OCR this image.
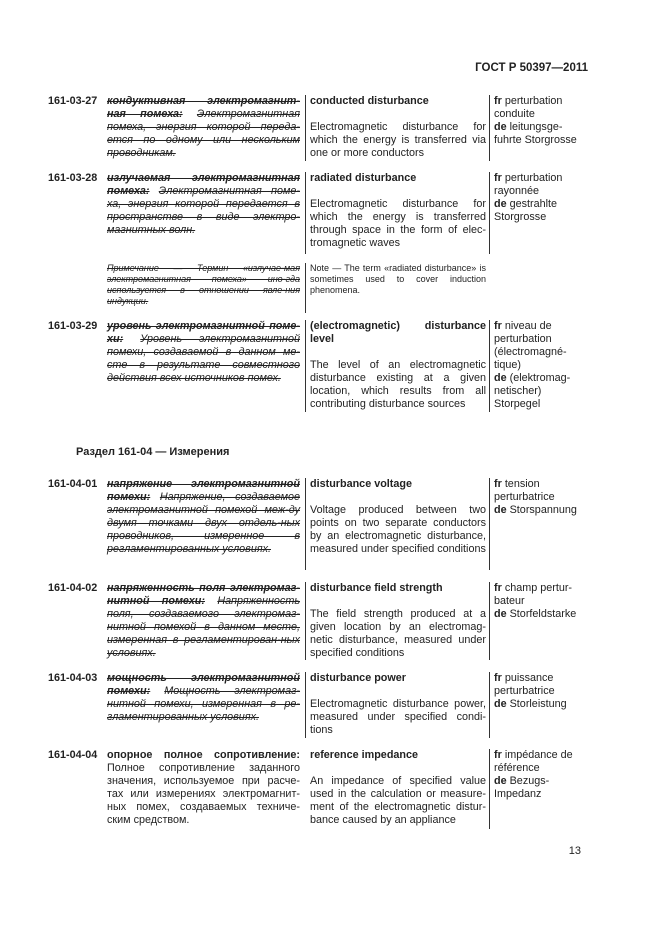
ГОСТ Р 50397—2011
161-03-27 кондуктивная электромагнит-ная помеха: Электромагнитная помеха, энергия которой переда-ется по одному или нескольким проводникам.
conducted disturbance

Electromagnetic disturbance for which the energy is transferred via one or more conductors
fr perturbation conduite
de leitungsge-fuhrte Storgrosse
161-03-28 излучаемая электромагнитная помеха: Электромагнитная поме-ха, энергия которой передается в пространстве в виде электро-магнитных волн.
radiated disturbance

Electromagnetic disturbance for which the energy is transferred through space in the form of elec-tromagnetic waves
fr perturbation rayonnée
de gestrahlte Storgrosse
Примечание — Термин «излучае-мая электромагнитная помеха» ино-гда используется в отношении явле-ния индукции.
Note — The term «radiated disturbance» is sometimes used to cover induction phenomena.
161-03-29 уровень электромагнитной поме-хи: Уровень электромагнитной помехи, создаваемой в данном ме-сте в результате совместного действия всех источников помех.
(electromagnetic) disturbance level

The level of an electromagnetic disturbance existing at a given location, which results from all contributing disturbance sources
fr niveau de perturbation (électromagné-tique)
de (elektromag-netischer) Storpegel
Раздел 161-04 — Измерения
161-04-01 напряжение электромагнитной помехи: Напряжение, создаваемое электромагнитной помехой меж-ду двумя точками двух отдель-ных проводников, измеренное в регламентированных условиях.
disturbance voltage

Voltage produced between two points on two separate conductors by an electromagnetic disturbance, measured under specified conditions
fr tension perturbatrice
de Storspannung
161-04-02 напряженность поля электромаг-нитной помехи: Напряженность поля, создаваемого электромаг-нитной помехой в данном месте, измеренная в регламентирован-ных условиях.
disturbance field strength

The field strength produced at a given location by an electromag-netic disturbance, measured under specified conditions
fr champ pertur-bateur
de Storfeldstarke
161-04-03 мощность электромагнитной помехи: Мощность электромаг-нитной помехи, измеренная в ре-гламентированных условиях.
disturbance power

Electromagnetic disturbance power, measured under specified condi-tions
fr puissance perturbatrice
de Storleistung
161-04-04 опорное полное сопротивление: Полное сопротивление заданного значения, используемое при расче-тах или измерениях электромагнит-ных помех, создаваемых техниче-ским средством.
reference impedance

An impedance of specified value used in the calculation or measure-ment of the electromagnetic distur-bance caused by an appliance
fr impédance de référence
de Bezugs-Impedanz
13
